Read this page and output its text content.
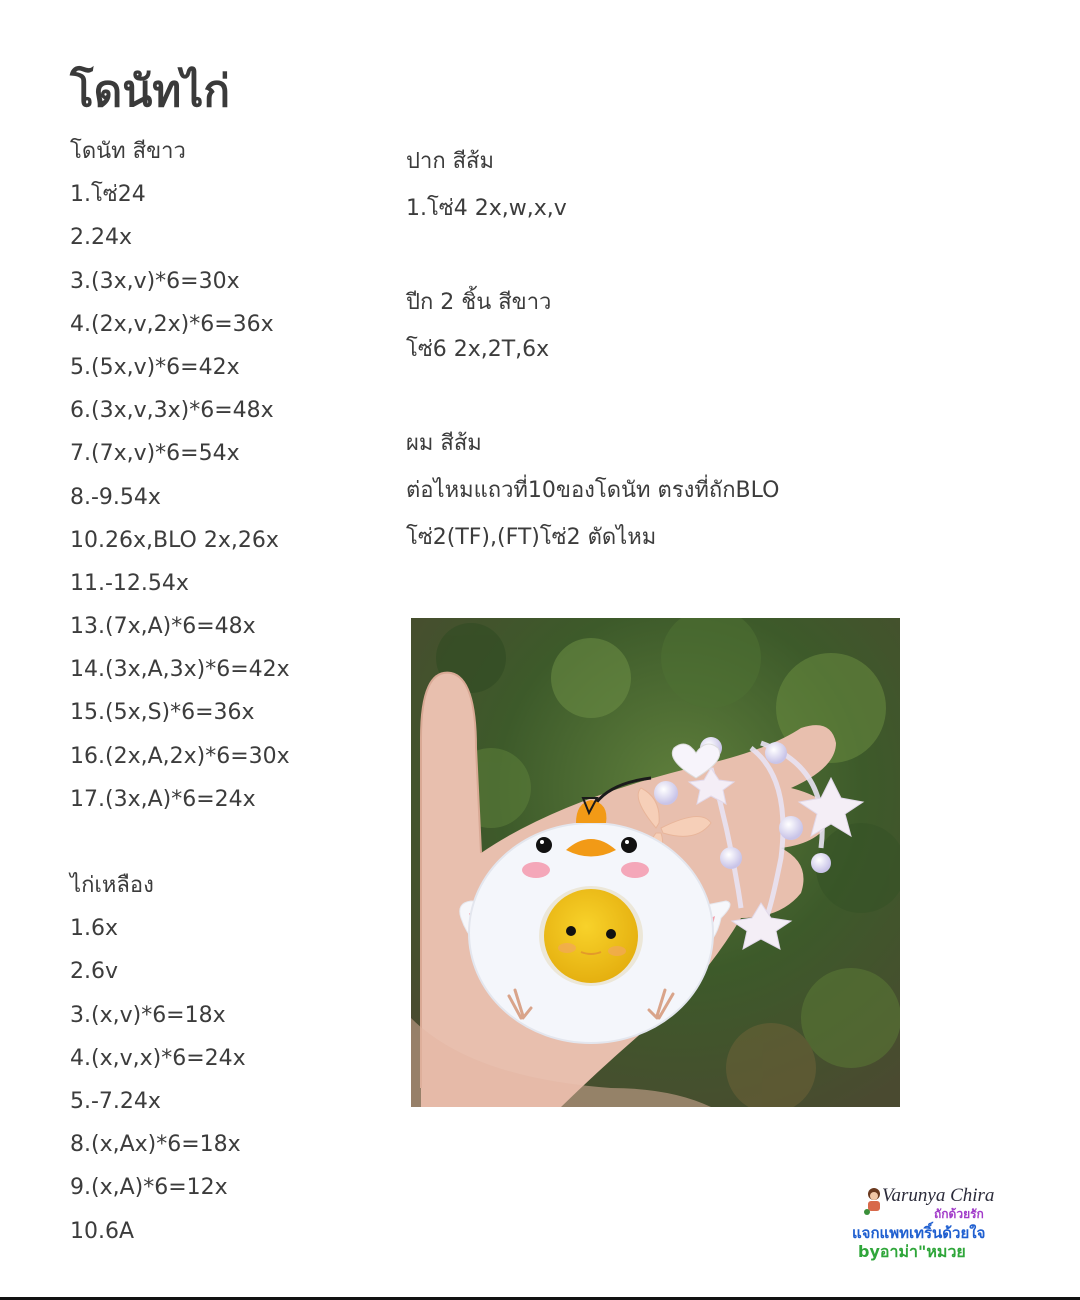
โดนัทไก่
โดนัท สีขาว
1.โซ่24
2.24x
3.(3x,v)*6=30x
4.(2x,v,2x)*6=36x
5.(5x,v)*6=42x
6.(3x,v,3x)*6=48x
7.(7x,v)*6=54x
8.-9.54x
10.26x,BLO 2x,26x
11.-12.54x
13.(7x,A)*6=48x
14.(3x,A,3x)*6=42x
15.(5x,S)*6=36x
16.(2x,A,2x)*6=30x
17.(3x,A)*6=24x
ไก่เหลือง
1.6x
2.6v
3.(x,v)*6=18x
4.(x,v,x)*6=24x
5.-7.24x
8.(x,Ax)*6=18x
9.(x,A)*6=12x
10.6A
ปาก สีส้ม
1.โซ่4 2x,w,x,v
ปีก 2 ชิ้น สีขาว
โซ่6 2x,2T,6x
ผม สีส้ม
ต่อไหมแถวที่10ของโดนัท ตรงที่ถักBLO
โซ่2(TF),(FT)โซ่2 ตัดไหม
Varunya Chira
ถักด้วยรัก
แจกแพทเทริ์นด้วยใจ
byอาม่า"หมวย
